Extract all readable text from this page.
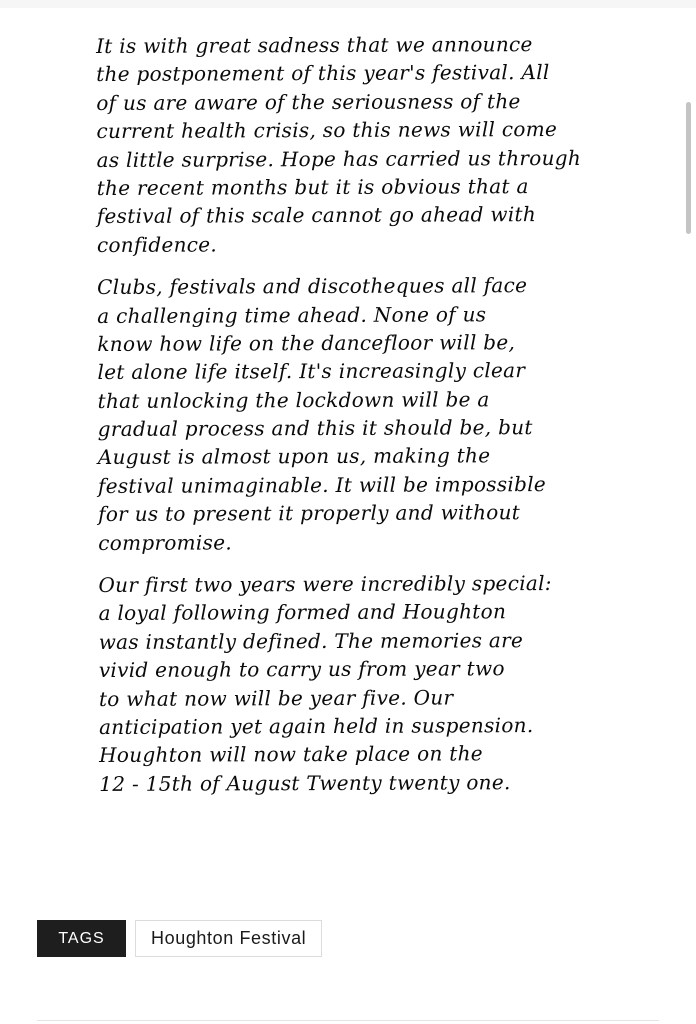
It is with great sadness that we announce
the postponement of this year's festival. All
of us are aware of the seriousness of the
current health crisis, so this news will come
as little surprise. Hope has carried us through
the recent months but it is obvious that a
festival of this scale cannot go ahead with
confidence.
Clubs, festivals and discotheques all face
a challenging time ahead. None of us
know how life on the dancefloor will be,
let alone life itself. It's increasingly clear
that unlocking the lockdown will be a
gradual process and this it should be, but
August is almost upon us, making the
festival unimaginable. It will be impossible
for us to present it properly and without
compromise.
Our first two years were incredibly special:
a loyal following formed and Houghton
was instantly defined. The memories are
vivid enough to carry us from year two
to what now will be year five. Our
anticipation yet again held in suspension.
Houghton will now take place on the
12 - 15th of August Twenty twenty one.
TAGS	Houghton Festival
